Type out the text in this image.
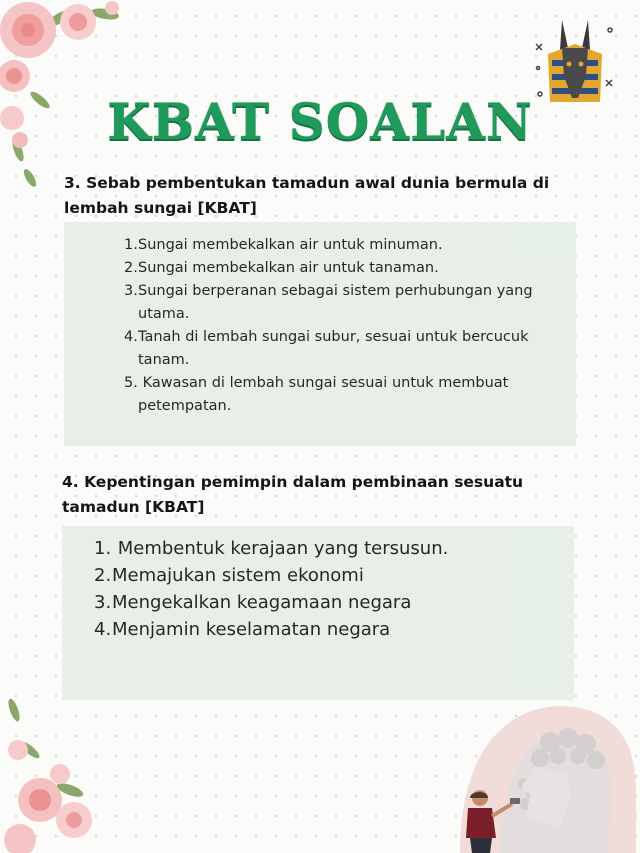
KBAT SOALAN
3. Sebab pembentukan tamadun awal dunia bermula di lembah sungai [KBAT]
1.Sungai membekalkan air untuk minuman.
2.Sungai membekalkan air untuk tanaman.
3.Sungai berperanan sebagai sistem perhubungan yang utama.
4.Tanah di lembah sungai subur, sesuai untuk bercucuk tanam.
5. Kawasan di lembah sungai sesuai untuk membuat petempatan.
4. Kepentingan pemimpin dalam pembinaan sesuatu tamadun [KBAT]
1. Membentuk kerajaan yang tersusun.
2.Memajukan sistem ekonomi
3.Mengekalkan keagamaan negara
4.Menjamin keselamatan negara
